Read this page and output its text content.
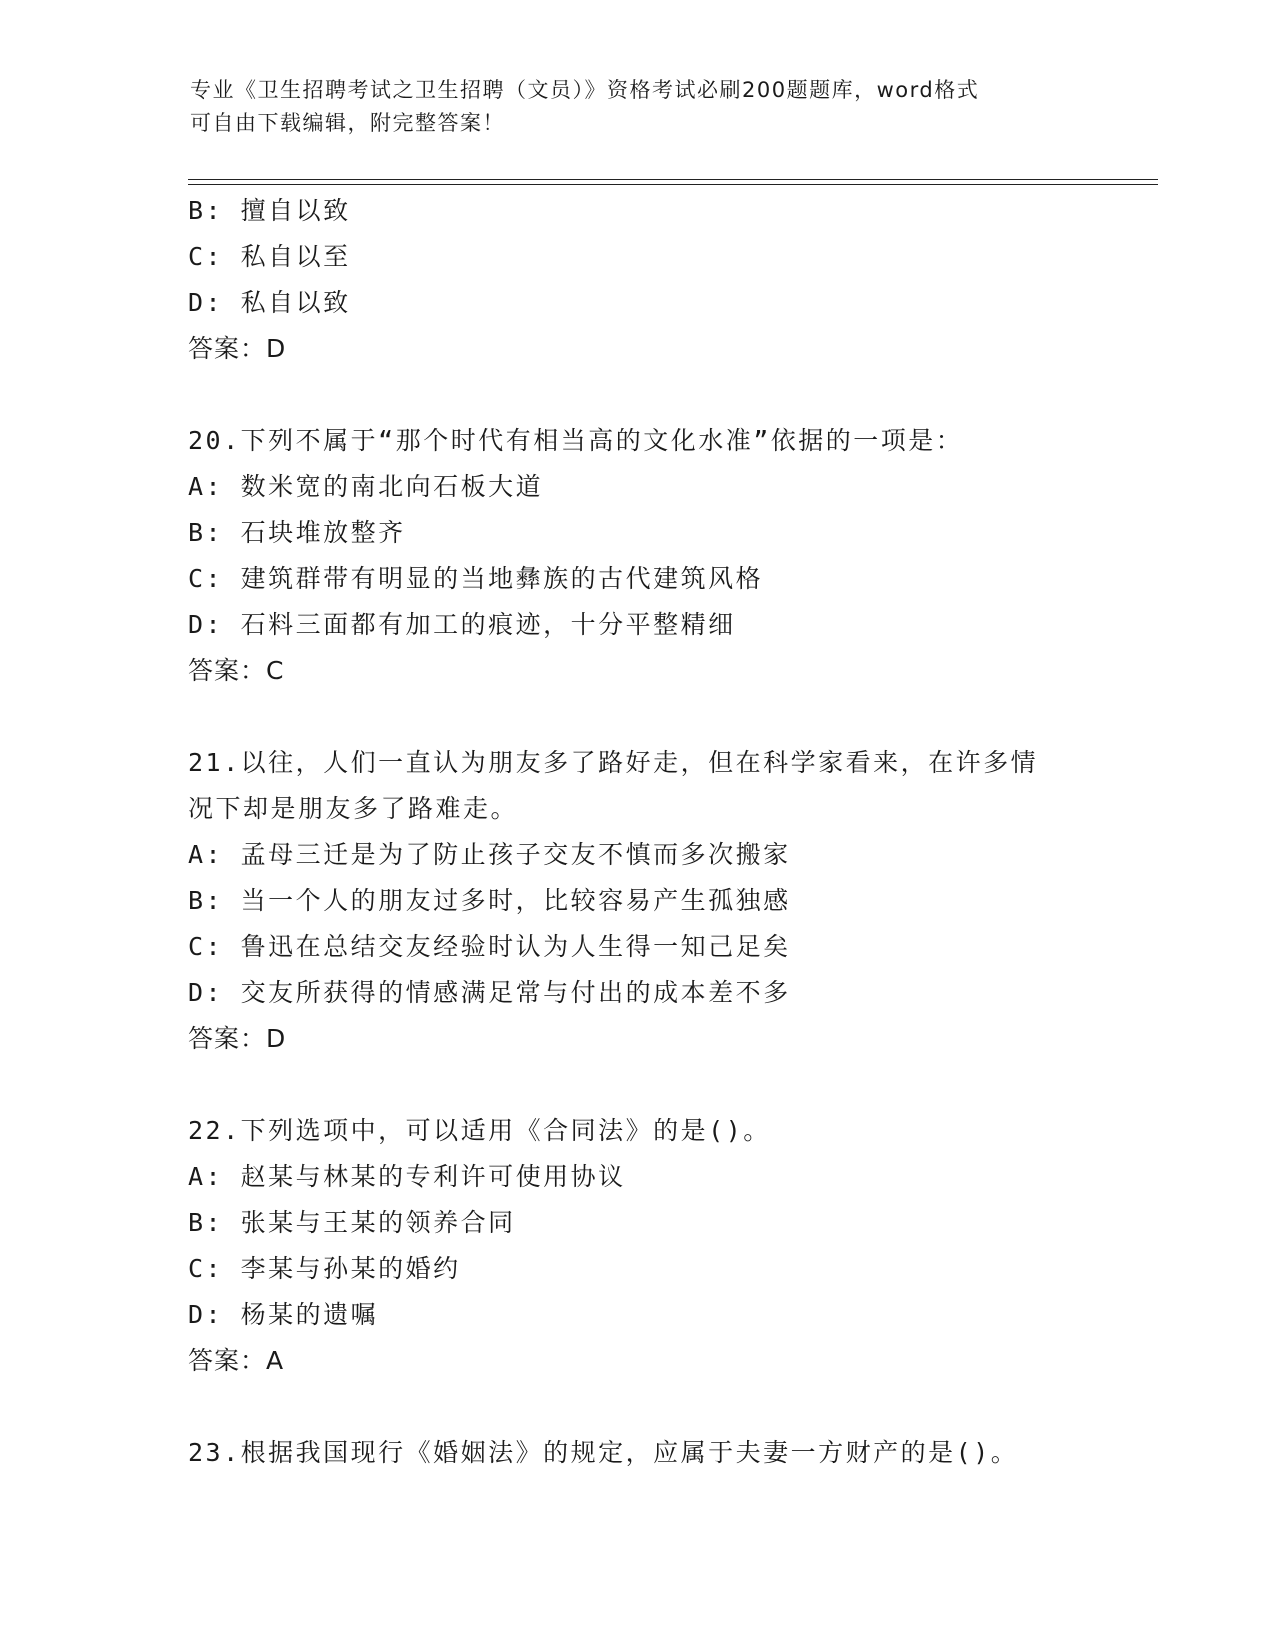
专业《卫生招聘考试之卫生招聘（文员）》资格考试必刷200题题库，word格式
可自由下载编辑，附完整答案！
B: 擅自以致
C: 私自以至
D: 私自以致
答案：D
20.下列不属于“那个时代有相当高的文化水准”依据的一项是：
A: 数米宽的南北向石板大道
B: 石块堆放整齐
C: 建筑群带有明显的当地彝族的古代建筑风格
D: 石料三面都有加工的痕迹，十分平整精细
答案：C
21.以往，人们一直认为朋友多了路好走，但在科学家看来，在许多情
况下却是朋友多了路难走。
A: 孟母三迁是为了防止孩子交友不慎而多次搬家
B: 当一个人的朋友过多时，比较容易产生孤独感
C: 鲁迅在总结交友经验时认为人生得一知己足矣
D: 交友所获得的情感满足常与付出的成本差不多
答案：D
22.下列选项中，可以适用《合同法》的是()。
A: 赵某与林某的专利许可使用协议
B: 张某与王某的领养合同
C: 李某与孙某的婚约
D: 杨某的遗嘱
答案：A
23.根据我国现行《婚姻法》的规定，应属于夫妻一方财产的是()。
